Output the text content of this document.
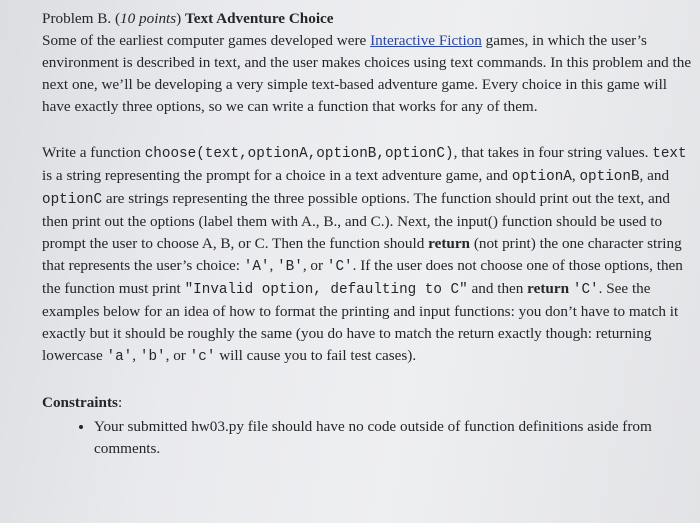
Problem B. (10 points) Text Adventure Choice

Some of the earliest computer games developed were Interactive Fiction games, in which the user’s environment is described in text, and the user makes choices using text commands. In this problem and the next one, we’ll be developing a very simple text-based adventure game. Every choice in this game will have exactly three options, so we can write a function that works for any of them.

Write a function choose(text,optionA,optionB,optionC), that takes in four string values. text is a string representing the prompt for a choice in a text adventure game, and optionA, optionB, and optionC are strings representing the three possible options. The function should print out the text, and then print out the options (label them with A., B., and C.). Next, the input() function should be used to prompt the user to choose A, B, or C. Then the function should return (not print) the one character string that represents the user’s choice: 'A', 'B', or 'C'. If the user does not choose one of those options, then the function must print "Invalid option, defaulting to C" and then return 'C'. See the examples below for an idea of how to format the printing and input functions: you don’t have to match it exactly but it should be roughly the same (you do have to match the return exactly though: returning lowercase 'a', 'b', or 'c' will cause you to fail test cases).

Constraints:

• Your submitted hw03.py file should have no code outside of function definitions aside from comments.
